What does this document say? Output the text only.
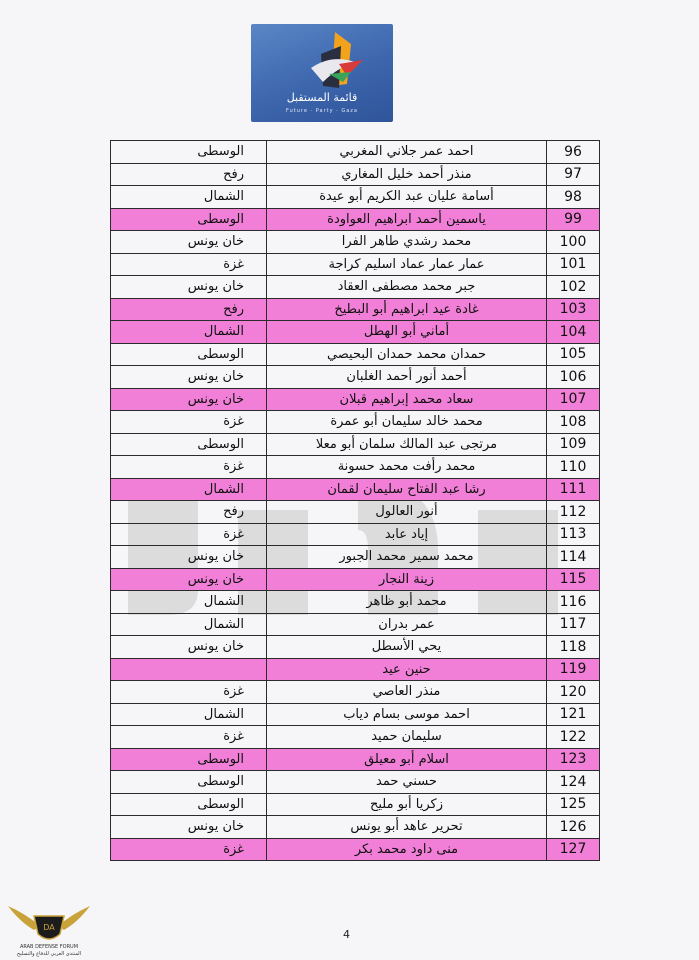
قائمة المستقبل
Future · Party · Gaza
96	احمد عمر جلاني المغربي	الوسطى
97	منذر أحمد خليل المغاري	رفح
98	أسامة عليان عبد الكريم أبو عيدة	الشمال
99	ياسمين أحمد ابراهيم العواودة	الوسطى
100	محمد رشدي طاهر الفرا	خان يونس
101	عمار عمار عماد اسليم كراجة	غزة
102	جبر محمد مصطفى العقاد	خان يونس
103	غادة عيد ابراهيم أبو البطيخ	رفح
104	أماني أبو الهطل	الشمال
105	حمدان محمد حمدان البحيصي	الوسطى
106	أحمد أنور أحمد الغلبان	خان يونس
107	سعاد محمد إبراهيم قبلان	خان يونس
108	محمد خالد سليمان أبو عمرة	غزة
109	مرتجى عبد المالك سلمان أبو معلا	الوسطى
110	محمد رأفت محمد حسونة	غزة
111	رشا عبد الفتاح سليمان لقمان	الشمال
112	أنور العالول	رفح
113	إياد عابد	غزة
114	محمد سمير محمد الجبور	خان يونس
115	زينة النجار	خان يونس
116	محمد أبو ظاهر	الشمال
117	عمر بدران	الشمال
118	يحي الأسطل	خان يونس
119	حنين عيد	
120	منذر العاصي	غزة
121	احمد موسى بسام دياب	الشمال
122	سليمان حميد	غزة
123	اسلام أبو معيلق	الوسطى
124	حسني حمد	الوسطى
125	زكريا أبو مليح	الوسطى
126	تحرير عاهد أبو يونس	خان يونس
127	منى داود محمد بكر	غزة
4
DA
ARAB DEFENSE FORUM
المنتدى العربي للدفاع والتسليح
